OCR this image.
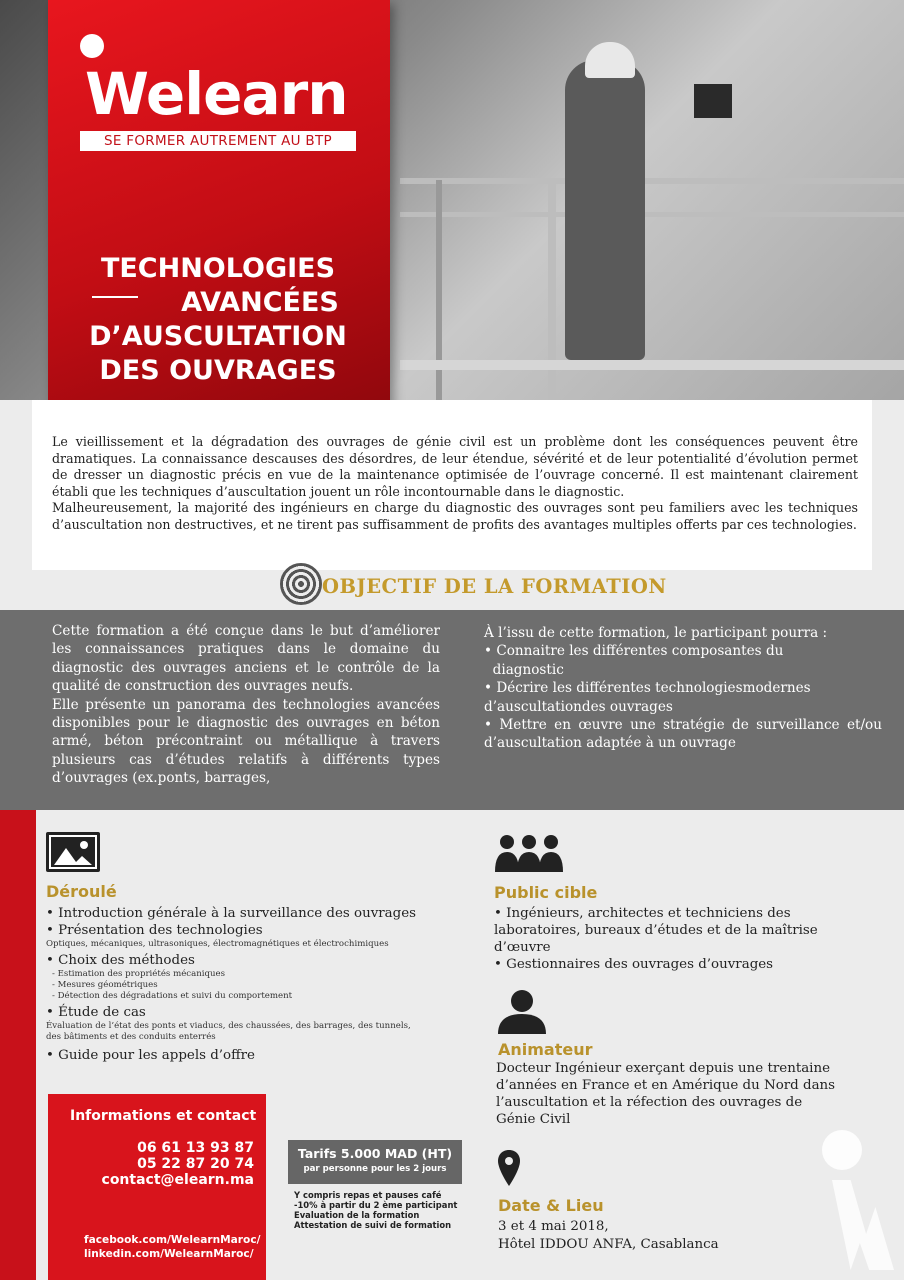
Welearn
SE FORMER AUTREMENT AU BTP
TECHNOLOGIES
AVANCÉES
D’AUSCULTATION
DES OUVRAGES

Le vieillissement et la dégradation des ouvrages de génie civil est un problème dont les conséquences peuvent être dramatiques. La connaissance descauses des désordres, de leur étendue, sévérité et de leur potentialité d’évolution permet de dresser un diagnostic précis en vue de la maintenance optimisée de l’ouvrage concerné. Il est maintenant clairement établi que les techniques d’auscultation jouent un rôle incontournable dans le diagnostic.

Malheureusement, la majorité des ingénieurs en charge du diagnostic des ouvrages sont peu familiers avec les techniques d’auscultation non destructives, et ne tirent pas suffisamment de profits des avantages multiples offerts par ces technologies.

OBJECTIF DE LA FORMATION

Cette formation a été conçue dans le but d’améliorer les connaissances pratiques dans le domaine du diagnostic des ouvrages anciens et le contrôle de la qualité de construction des ouvrages neufs.

Elle présente un panorama des technologies avancées disponibles pour le diagnostic des ouvrages en béton armé, béton précontraint ou métallique à travers plusieurs cas d’études relatifs à différents types d’ouvrages (ex.ponts, barrages,

À l’issu de cette formation, le participant pourra :

• Connaitre les différentes composantes du

diagnostic

• Décrire les différentes technologiesmodernes d’auscultationdes ouvrages

• Mettre en œuvre une stratégie de surveillance et/ou d’auscultation adaptée à un ouvrage

Déroulé
• Introduction générale à la surveillance des ouvrages
• Présentation des technologies
Optiques, mécaniques, ultrasoniques, électromagnétiques et électrochimiques
• Choix des méthodes
- Estimation des propriétés mécaniques
- Mesures géométriques
- Détection des dégradations et suivi du comportement
• Étude de cas
Évaluation de l’état des ponts et viaducs, des chaussées, des barrages, des tunnels,
des bâtiments et des conduits enterrés
• Guide pour les appels d’offre
Public cible
• Ingénieurs, architectes et techniciens des
laboratoires, bureaux d’études et de la maîtrise
d’œuvre
• Gestionnaires des ouvrages d’ouvrages
Animateur
Docteur Ingénieur exerçant depuis une trentaine
d’années en France et en Amérique du Nord dans
l’auscultation et la réfection des ouvrages de
Génie Civil
Date & Lieu
3 et 4 mai 2018,
Hôtel IDDOU ANFA, Casablanca
Informations et contact
06 61 13 93 87
05 22 87 20 74
contact@elearn.ma
facebook.com/WelearnMaroc/
linkedin.com/WelearnMaroc/
Tarifs 5.000 MAD (HT)
par personne pour les 2 jours
Y compris repas et pauses café
-10% à partir du 2 ème participant
Evaluation de la formation
Attestation de suivi de formation
